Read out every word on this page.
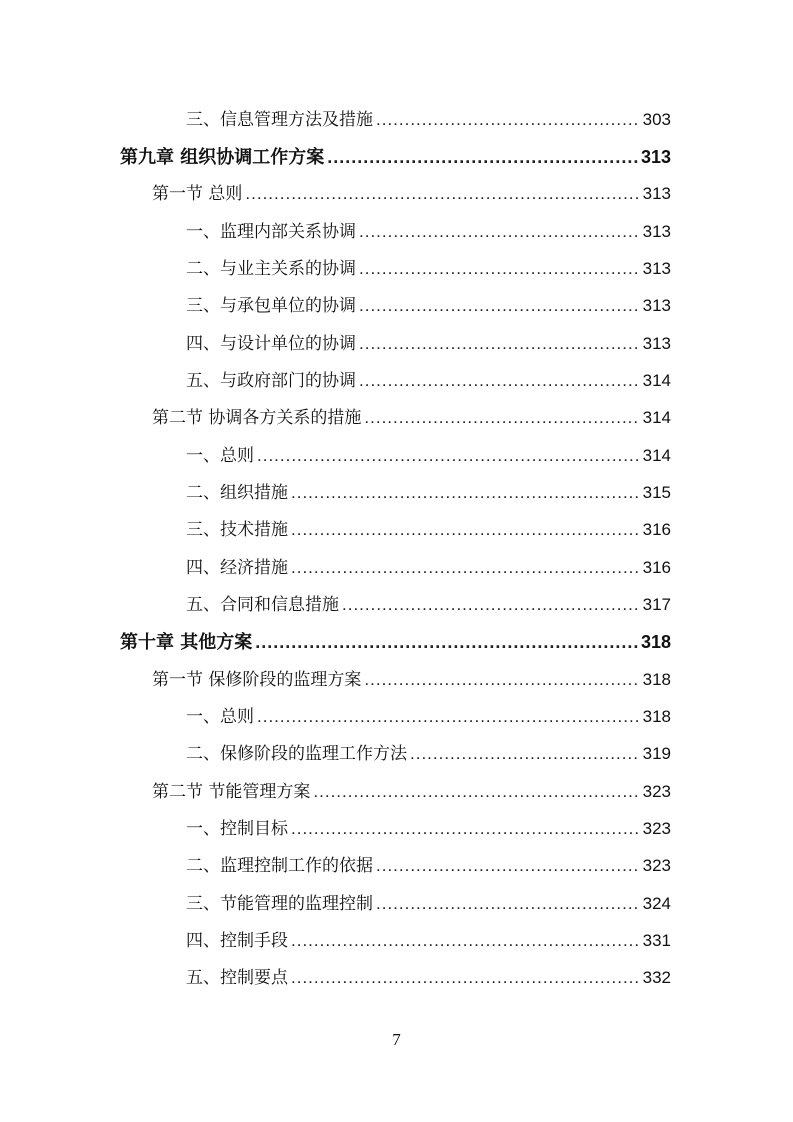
三、信息管理方法及措施 .....	303
第九章 组织协调工作方案 .....	313
第一节 总则 .....	313
一、监理内部关系协调 .....	313
二、与业主关系的协调 .....	313
三、与承包单位的协调 .....	313
四、与设计单位的协调 .....	313
五、与政府部门的协调 .....	314
第二节 协调各方关系的措施 .....	314
一、总则 .....	314
二、组织措施 .....	315
三、技术措施 .....	316
四、经济措施 .....	316
五、合同和信息措施 .....	317
第十章 其他方案 .....	318
第一节 保修阶段的监理方案 .....	318
一、总则 .....	318
二、保修阶段的监理工作方法 .....	319
第二节 节能管理方案 .....	323
一、控制目标 .....	323
二、监理控制工作的依据 .....	323
三、节能管理的监理控制 .....	324
四、控制手段 .....	331
五、控制要点 .....	332
7
